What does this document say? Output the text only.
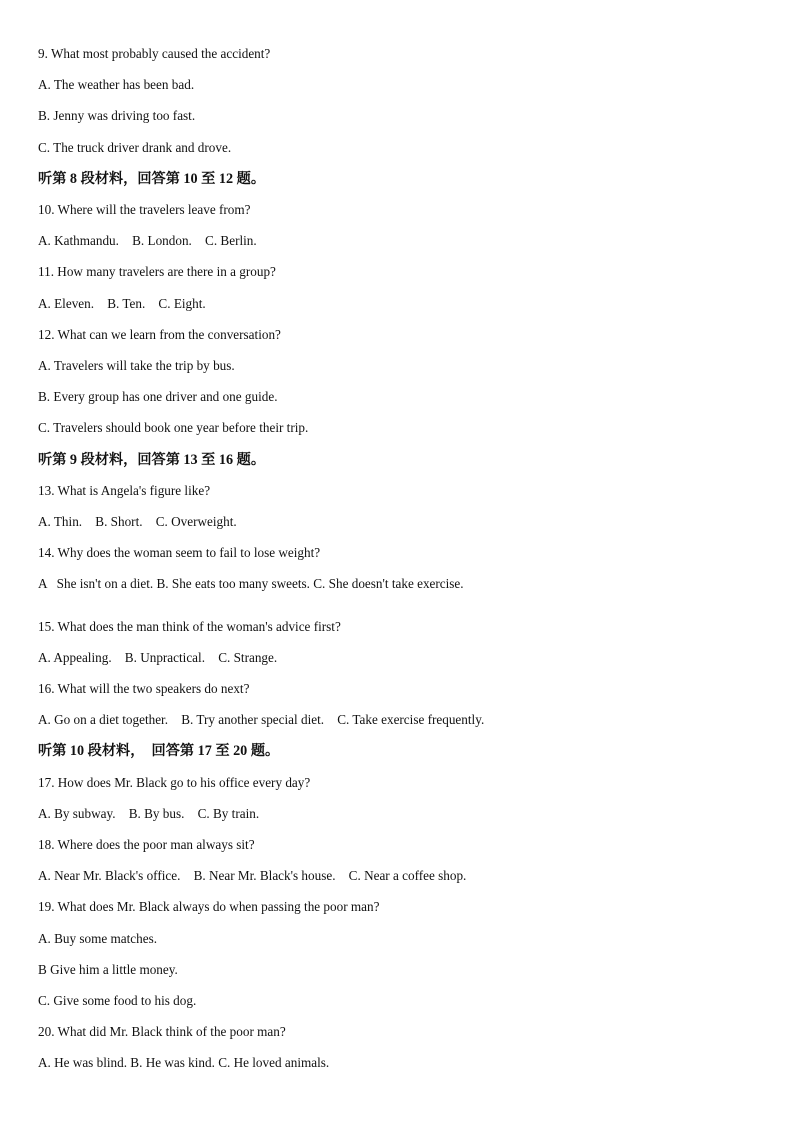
9. What most probably caused the accident?
A. The weather has been bad.
B. Jenny was driving too fast.
C. The truck driver drank and drove.
听第 8 段材料，回答第 10 至 12 题。
10. Where will the travelers leave from?
A. Kathmandu.    B. London.    C. Berlin.
11. How many travelers are there in a group?
A. Eleven.    B. Ten.    C. Eight.
12. What can we learn from the conversation?
A. Travelers will take the trip by bus.
B. Every group has one driver and one guide.
C. Travelers should book one year before their trip.
听第 9 段材料，回答第 13 至 16 题。
13. What is Angela's figure like?
A. Thin.    B. Short.    C. Overweight.
14. Why does the woman seem to fail to lose weight?
A   She isn't on a diet. B. She eats too many sweets. C. She doesn't take exercise.
15. What does the man think of the woman's advice first?
A. Appealing.    B. Unpractical.    C. Strange.
16. What will the two speakers do next?
A. Go on a diet together.    B. Try another special diet.    C. Take exercise frequently.
听第 10 段材料，  回答第 17 至 20 题。
17. How does Mr. Black go to his office every day?
A. By subway.    B. By bus.    C. By train.
18. Where does the poor man always sit?
A. Near Mr. Black's office.    B. Near Mr. Black's house.    C. Near a coffee shop.
19. What does Mr. Black always do when passing the poor man?
A. Buy some matches.
B Give him a little money.
C. Give some food to his dog.
20. What did Mr. Black think of the poor man?
A. He was blind. B. He was kind. C. He loved animals.
